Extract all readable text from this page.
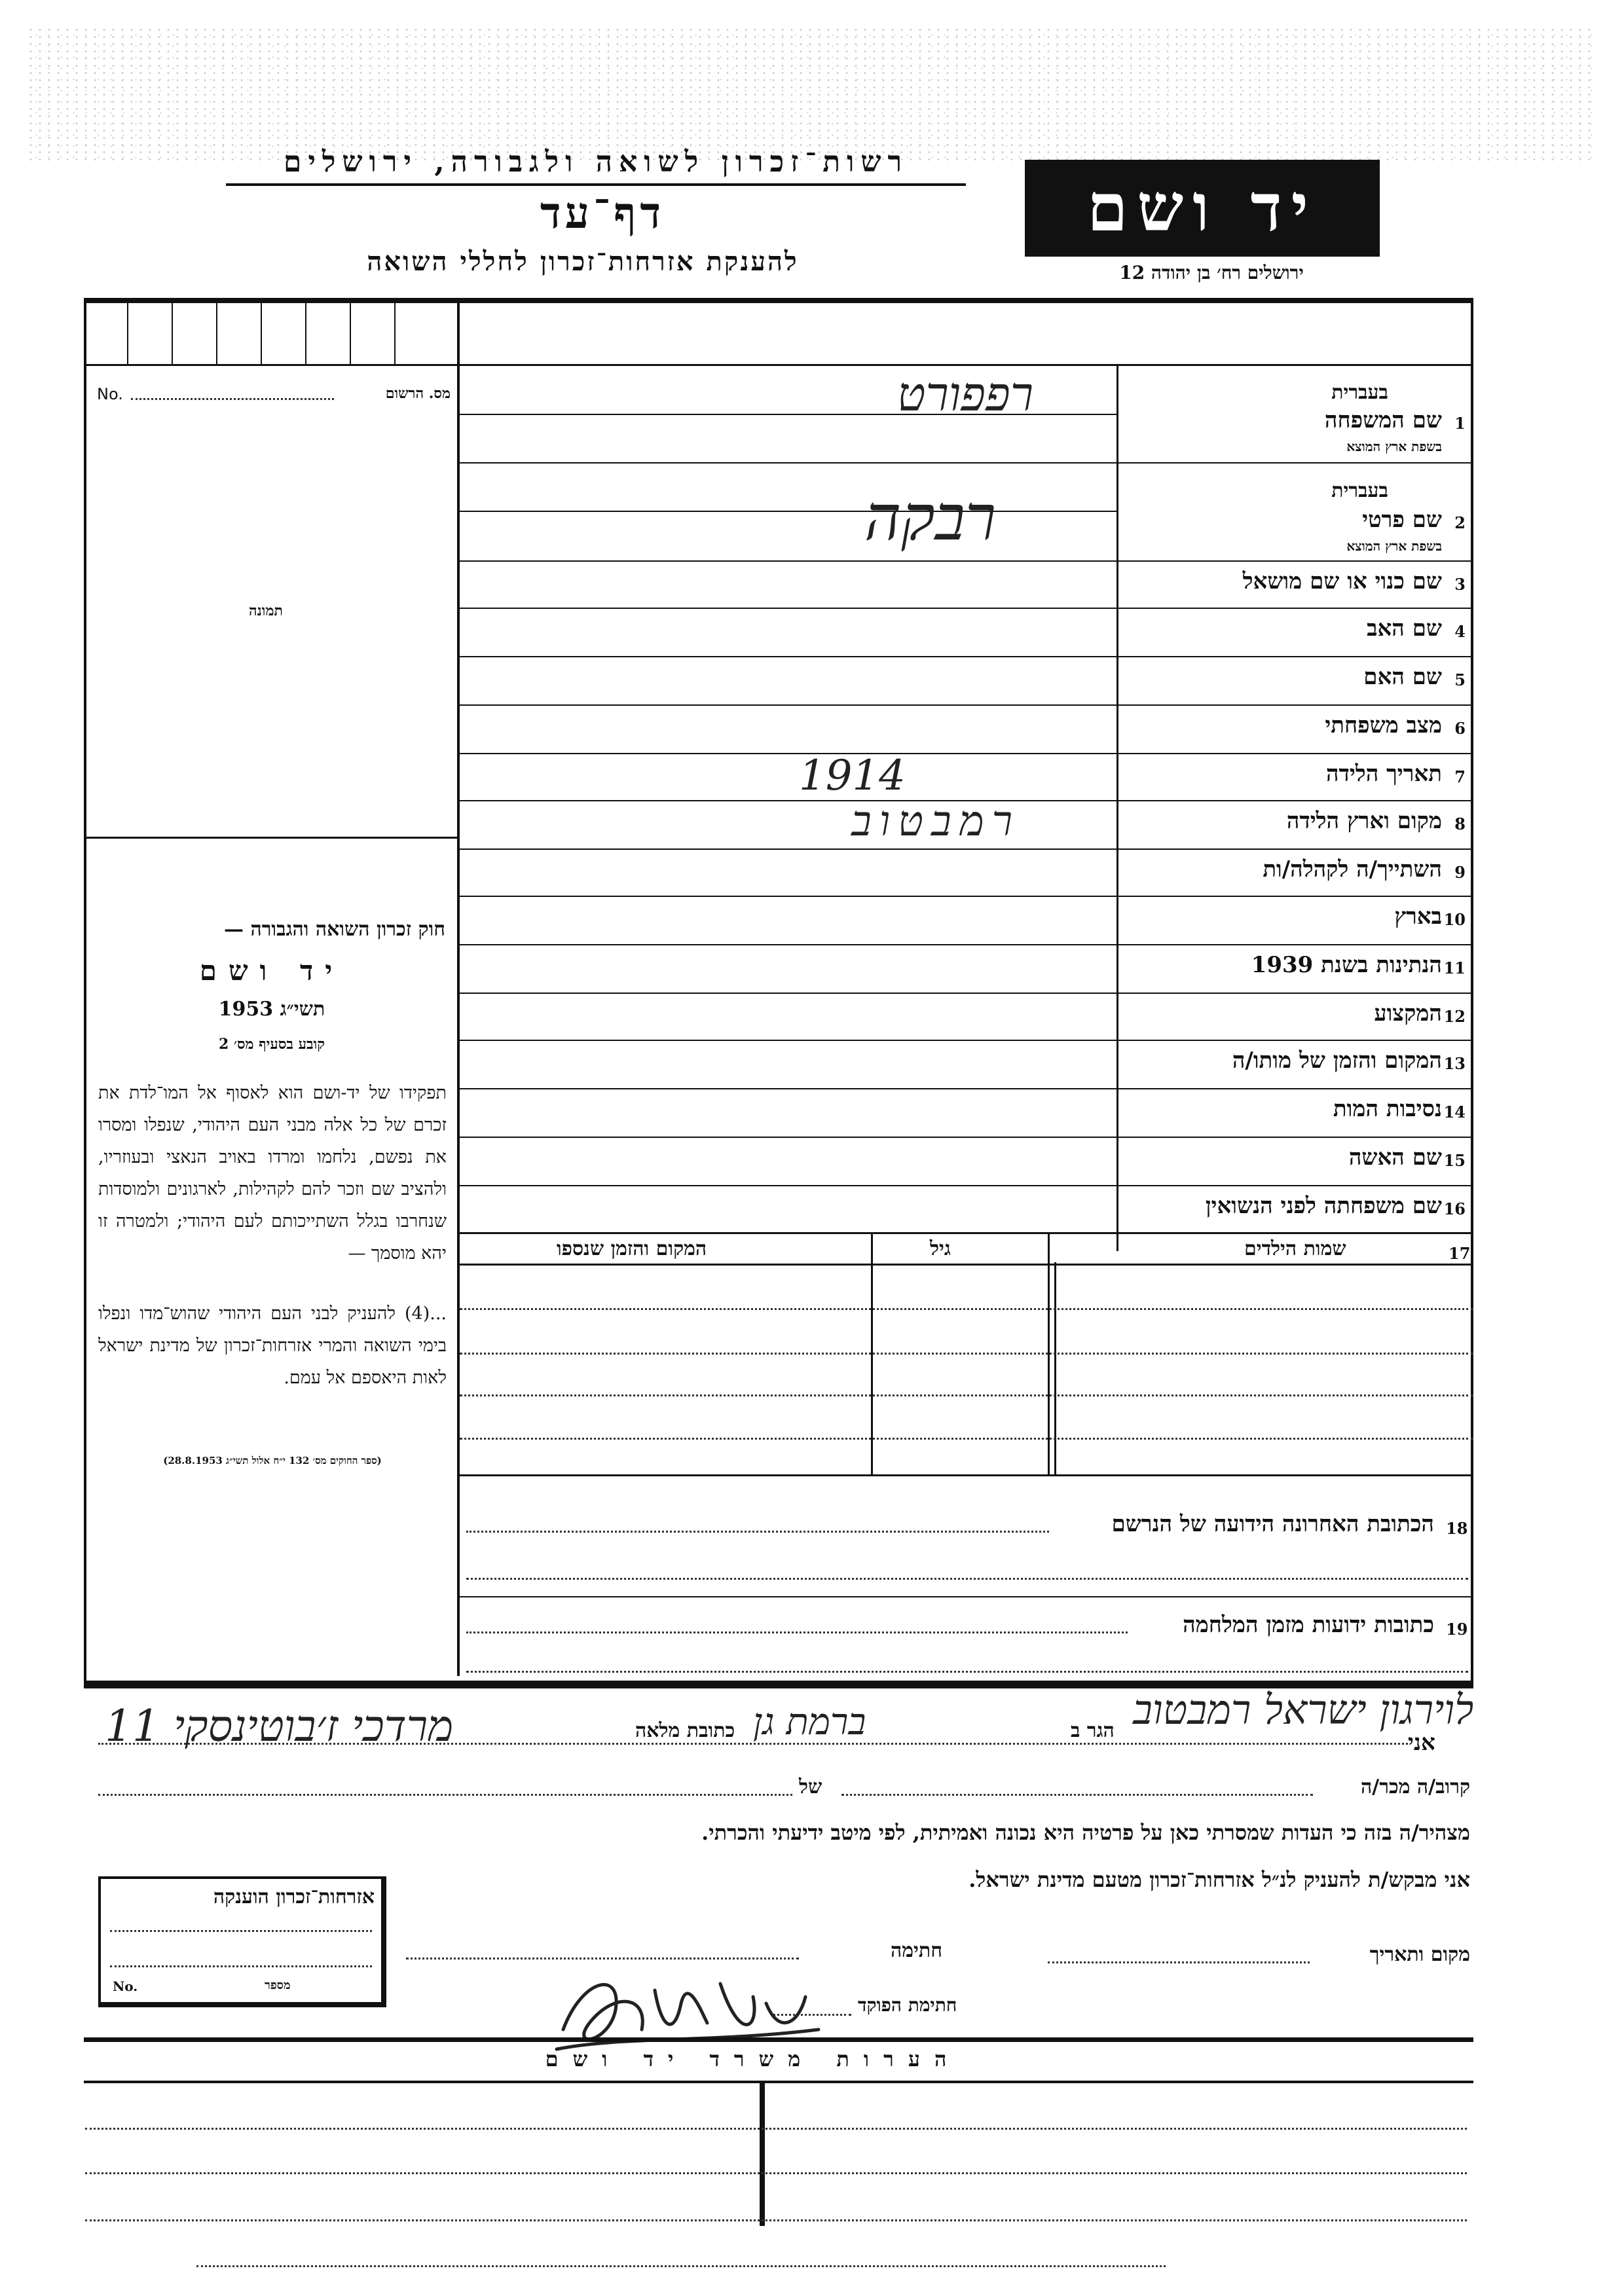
רשות־זכרון לשואה ולגבורה, ירושלים
דף־עד
להענקת אזרחות־זכרון לחללי השואה
יד ושם
ירושלים רח׳ בן יהודה 12
No.	מס. הרשום
תמונה
חוק זכרון השואה והגבורה —
יד ושם
תשי״ג 1953
קובע בסעיף מס׳ 2
תפקידו של יד-ושם הוא לאסוף אל המו־לדת את זכרם של כל אלה מבני העם היהודי, שנפלו ומסרו את נפשם, נלחמו ומרדו באויב הנאצי ובעוזריו, ולהציב שם וזכר להם לקהילות, לארגונים ולמוסדות שנחרבו בגלל השתייכותם לעם היהודי; ולמטרה זו יהא מוסמך —
...(4) להעניק לבני העם היהודי שהוש־מדו ונפלו בימי השואה והמרי אזרחות־זכרון של מדינת ישראל לאות היאספם אל עמם.
(ספר החוקים מס׳ 132 י״ח אלול תשי״ג 28.8.1953)
בעברית
שם המשפחה 1
בשפת ארץ המוצא
רפפורט
בעברית
שם פרטי 2
בשפת ארץ המוצא
רבקה
שם כנוי או שם מושאל 3
שם האב 4
שם האם 5
מצב משפחתי 6
תאריך הלידה 7
1914
מקום וארץ הלידה 8
רמבטוב
השתייך/ה לקהלה/ות 9
בארץ 10
הנתינות בשנת 1939 11
המקצוע 12
המקום והזמן של מותו/ה 13
נסיבות המות 14
שם האשה 15
שם משפחתה לפני הנשואין 16
17
שמות הילדים
גיל
המקום והזמן שנספו
18
הכתובת האחרונה הידועה של הנרשם
19
כתובות ידועות מזמן המלחמה
אני
הגר ב
כתובת מלאה	לוירגון ישראל רמבטוב
ברמת גן
מרדכי ז׳בוטינסקי 11
קרוב/ה מכר/ה
של
מצהיר/ה בזה כי העדות שמסרתי כאן על פרטיה היא נכונה ואמיתית, לפי מיטב ידיעתי והכרתי.
אני מבקש/ת להעניק לנ״ל אזרחות־זכרון מטעם מדינת ישראל.
מקום ותאריך
חתימה
חתימת הפוקד
אזרחות־זכרון הוענקה
No.	מספר
הערות משרד יד ושם
